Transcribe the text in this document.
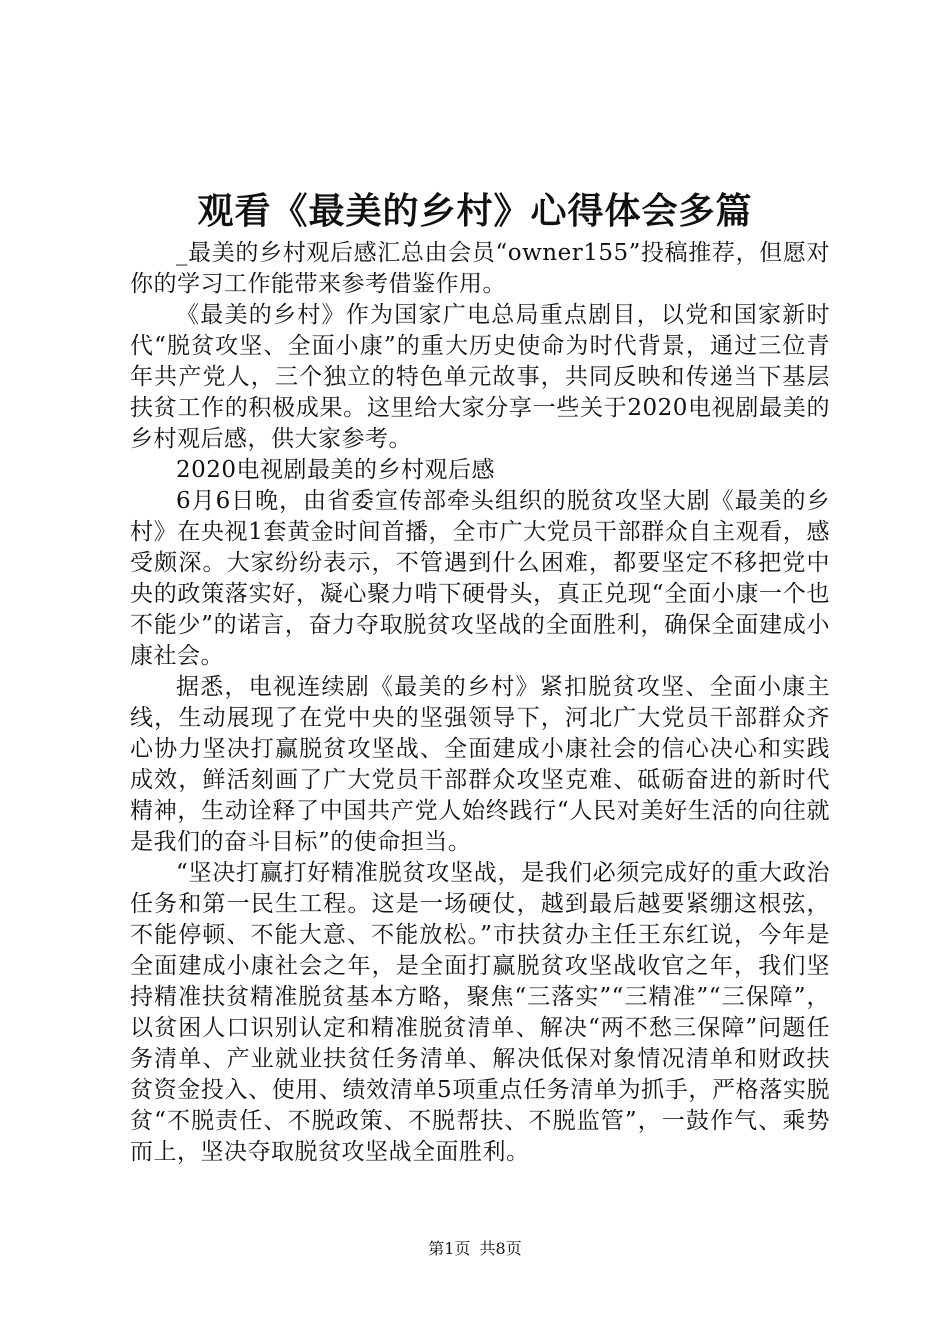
观看《最美的乡村》心得体会多篇

_最美的乡村观后感汇总由会员“owner155”投稿推荐，但愿对你的学习工作能带来参考借鉴作用。

《最美的乡村》作为国家广电总局重点剧目，以党和国家新时代“脱贫攻坚、全面小康”的重大历史使命为时代背景，通过三位青年共产党人，三个独立的特色单元故事，共同反映和传递当下基层扶贫工作的积极成果。这里给大家分享一些关于2020电视剧最美的乡村观后感，供大家参考。

2020电视剧最美的乡村观后感

6月6日晚，由省委宣传部牵头组织的脱贫攻坚大剧《最美的乡村》在央视1套黄金时间首播，全市广大党员干部群众自主观看，感受颇深。大家纷纷表示，不管遇到什么困难，都要坚定不移把党中央的政策落实好，凝心聚力啃下硬骨头，真正兑现“全面小康一个也不能少”的诺言，奋力夺取脱贫攻坚战的全面胜利，确保全面建成小康社会。

据悉，电视连续剧《最美的乡村》紧扣脱贫攻坚、全面小康主线，生动展现了在党中央的坚强领导下，河北广大党员干部群众齐心协力坚决打赢脱贫攻坚战、全面建成小康社会的信心决心和实践成效，鲜活刻画了广大党员干部群众攻坚克难、砥砺奋进的新时代精神，生动诠释了中国共产党人始终践行“人民对美好生活的向往就是我们的奋斗目标”的使命担当。

“坚决打赢打好精准脱贫攻坚战，是我们必须完成好的重大政治任务和第一民生工程。这是一场硬仗，越到最后越要紧绷这根弦，不能停顿、不能大意、不能放松。”市扶贫办主任王东红说，今年是全面建成小康社会之年，是全面打赢脱贫攻坚战收官之年，我们坚持精准扶贫精准脱贫基本方略，聚焦“三落实”“三精准”“三保障”，以贫困人口识别认定和精准脱贫清单、解决“两不愁三保障”问题任务清单、产业就业扶贫任务清单、解决低保对象情况清单和财政扶贫资金投入、使用、绩效清单5项重点任务清单为抓手，严格落实脱贫“不脱责任、不脱政策、不脱帮扶、不脱监管”，一鼓作气、乘势而上，坚决夺取脱贫攻坚战全面胜利。

第1页 共8页
